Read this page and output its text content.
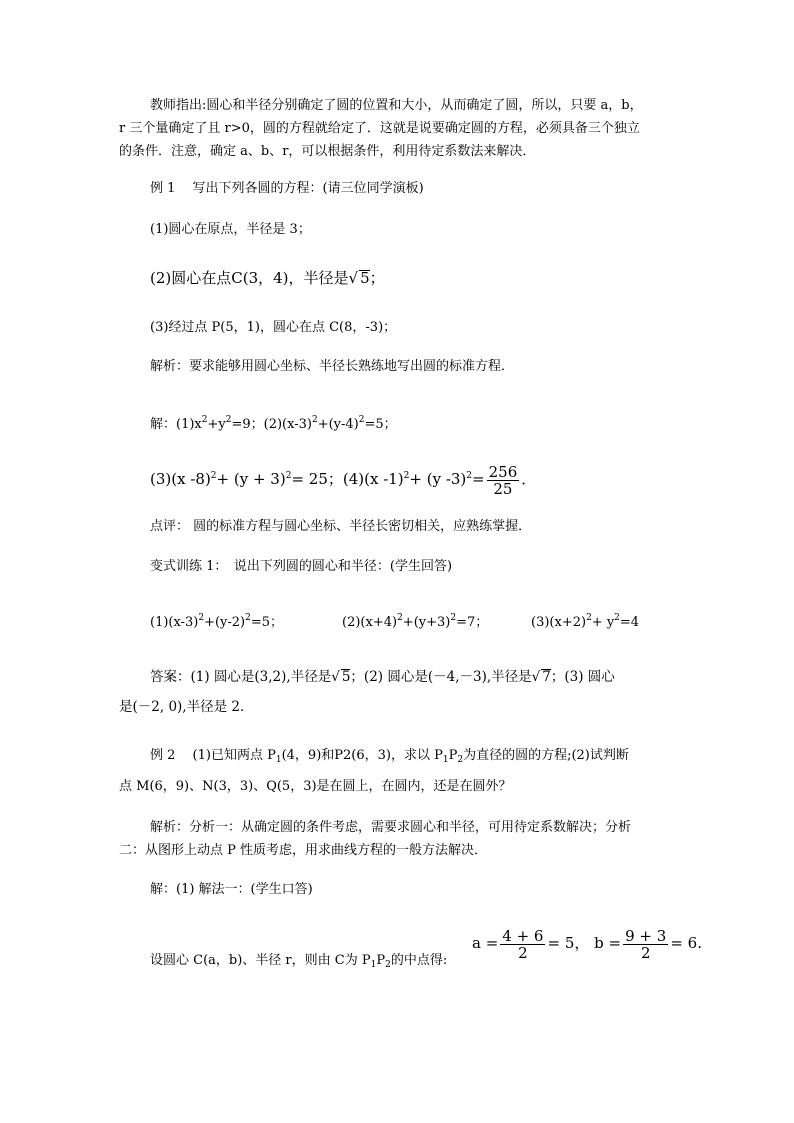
教师指出:圆心和半径分别确定了圆的位置和大小，从而确定了圆，所以，只要 a，b，
r 三个量确定了且 r>0，圆的方程就给定了．这就是说要确定圆的方程，必须具备三个独立
的条件．注意，确定 a、b、r，可以根据条件，利用待定系数法来解决．
例 1　 写出下列各圆的方程：(请三位同学演板)
(1)圆心在原点，半径是 3；
(2)圆心在点C(3，4)，半径是√ 5；
(3)经过点 P(5，1)，圆心在点 C(8，-3)；
解析：要求能够用圆心坐标、半径长熟练地写出圆的标准方程．
解：$(1)x^2+y^2=9$；$(2)(x-3)^2+(y-4)^2=5$；
(3)(x $-8)^2+ (y + 3)^2= 25$；(4)(x -1)$^2$+ (y $-3)^2= \frac{256}{25}$ ．
点评： 圆的标准方程与圆心坐标、半径长密切相关，应熟练掌握．
变式训练 1：　说出下列圆的圆心和半径：(学生回答)
$(1)(x-3)^2+(y-2)^2=5$；	$(2)(x+4)^2+(y+3)^2=7$；	$(3)(x+2)^2+ y^2=4$
答案：(1) 圆心是(3,2),半径是√ 5；(2) 圆心是(－4,－3),半径是√ 7；(3) 圆心
是(－2, 0),半径是 2．
例 2　 (1)已知两点 $P_1(4$，9)和P2(6，3)，求以 $P_1P_2$为直径的圆的方程;(2)试判断
点 M(6，9)、N(3，3)、Q(5，3)是在圆上，在圆内，还是在圆外？
解析：分析一：从确定圆的条件考虑，需要求圆心和半径，可用待定系数解决；分析
二：从图形上动点 P 性质考虑，用求曲线方程的一般方法解决．
解：(1) 解法一：(学生口答)
设圆心 C(a，b)、半径 r，则由 C为 $P_1P_2$的中点得:
$a = \frac{4 + 6}{2} = 5$， $b = \frac{9 + 3}{2} = 6$.
